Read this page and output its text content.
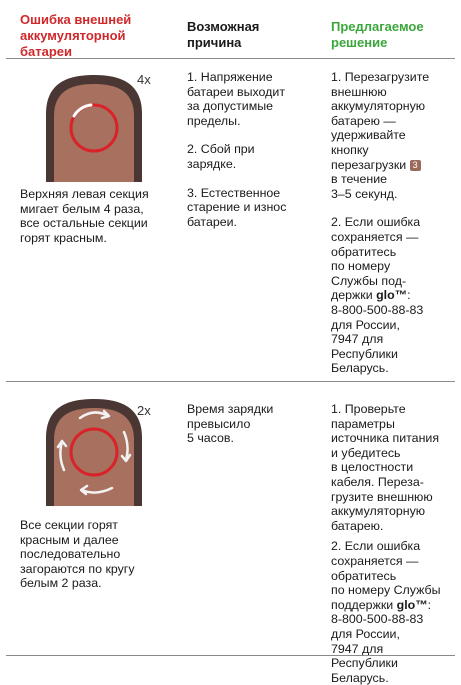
Ошибка внешней
аккумуляторной
батареи
Возможная
причина
Предлагаемое
решение
4x
Верхняя левая секция
мигает белым 4 раза,
все остальные секции
горят красным.
1. Напряжение
батареи выходит
за допустимые
пределы.
2. Сбой при
зарядке.
3. Естественное
старение и износ
батареи.
1. Перезагрузите
внешнюю
аккумуляторную
батарею —
удерживайте
кнопку
перезагрузки 3
в течение
3–5 секунд.
2. Если ошибка
сохраняется —
обратитесь
по номеру
Службы под-
держки glo™:
8-800-500-88-83
для России,
7947 для
Республики
Беларусь.
2x
Все секции горят
красным и далее
последовательно
загораются по кругу
белым 2 раза.
Время зарядки
превысило
5 часов.
1. Проверьте
параметры
источника питания
и убедитесь
в целостности
кабеля. Переза-
грузите внешнюю
аккумуляторную
батарею.
2. Если ошибка
сохраняется —
обратитесь
по номеру Службы
поддержки glo™:
8-800-500-88-83
для России,
7947 для
Республики
Беларусь.
